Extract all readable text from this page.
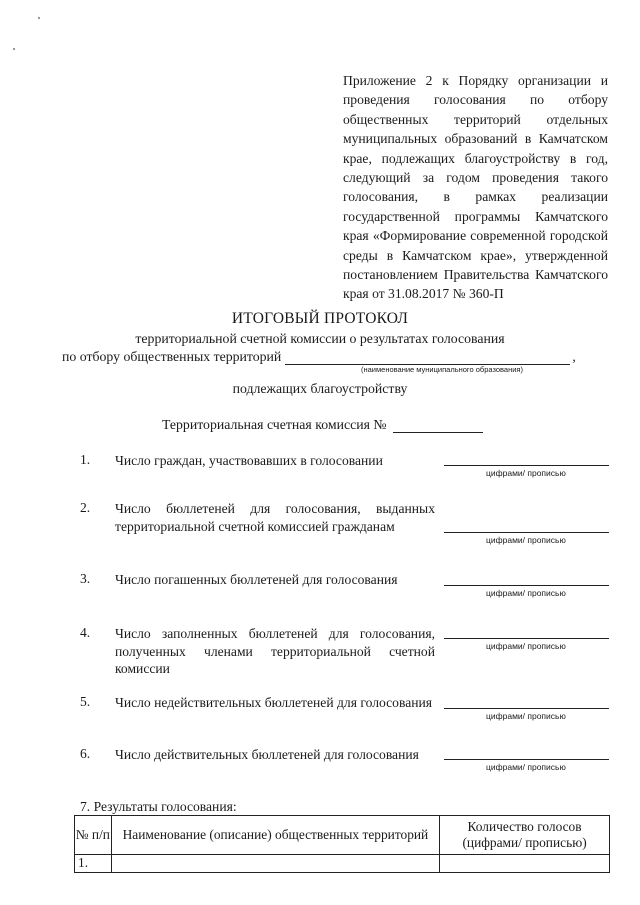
Приложение 2 к Порядку организации и проведения голосования по отбору общественных территорий отдельных муниципальных образований в Камчатском крае, подлежащих благоустройству в год, следующий за годом проведения такого голосования, в рамках реализации государственной программы Камчатского края «Формирование современной городской среды в Камчатском крае», утвержденной постановлением Правительства Камчатского края от 31.08.2017 № 360-П
ИТОГОВЫЙ ПРОТОКОЛ
территориальной счетной комиссии о результатах голосования
по отбору общественных территорий	,
(наименование муниципального образования)
подлежащих благоустройству
Территориальная счетная комиссия №
1. Число граждан, участвовавших в голосовании
цифрами/ прописью
2. Число бюллетеней для голосования, выданных территориальной счетной комиссией гражданам
цифрами/ прописью
3. Число погашенных бюллетеней для голосования
цифрами/ прописью
4. Число заполненных бюллетеней для голосования, полученных членами территориальной счетной комиссии
цифрами/ прописью
5. Число недействительных бюллетеней для голосования
цифрами/ прописью
6. Число действительных бюллетеней для голосования
цифрами/ прописью
7. Результаты голосования:
№ п/п	Наименование (описание) общественных территорий	Количество голосов (цифрами/ прописью)
1.		
